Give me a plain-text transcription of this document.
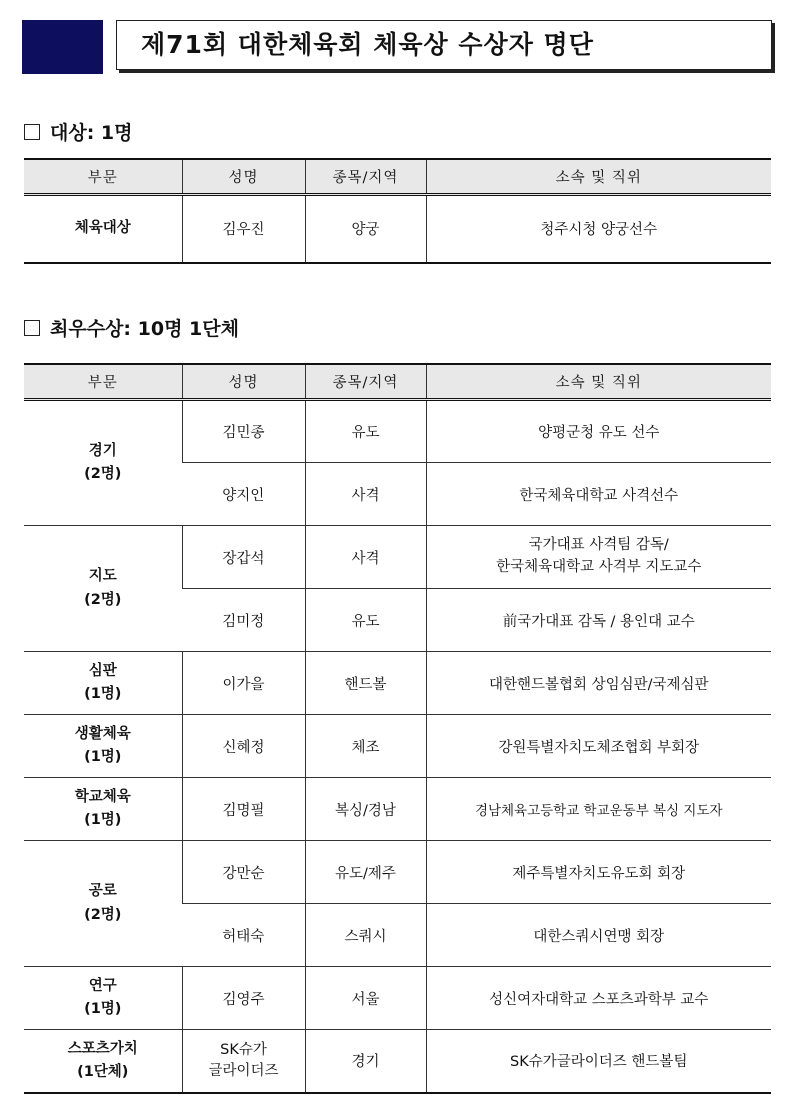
제71회 대한체육회 체육상 수상자 명단
대상: 1명
부문	성명	종목/지역	소속 및 직위
체육대상	김우진	양궁	청주시청 양궁선수
최우수상: 10명 1단체
부문	성명	종목/지역	소속 및 직위

경기
(2명)	김민종	유도	양평군청 유도 선수
	양지인	사격	한국체육대학교 사격선수

지도
(2명)	장갑석	사격	국가대표 사격팀 감독/
한국체육대학교 사격부 지도교수

	김미정	유도	前국가대표 감독 / 용인대 교수

심판
(1명)	이가을	핸드볼	대한핸드볼협회 상임심판/국제심판

생활체육
(1명)	신혜정	체조	강원특별자치도체조협회 부회장

학교체육
(1명)	김명필	복싱/경남	경남체육고등학교 학교운동부 복싱 지도자

공로
(2명)	강만순	유도/제주	제주특별자치도유도회 회장
	허태숙	스쿼시	대한스쿼시연맹 회장

연구
(1명)	김영주	서울	성신여자대학교 스포츠과학부 교수

스포츠가치
(1단체)	SK슈가
글라이더즈	경기	SK슈가글라이더즈 핸드볼팀
